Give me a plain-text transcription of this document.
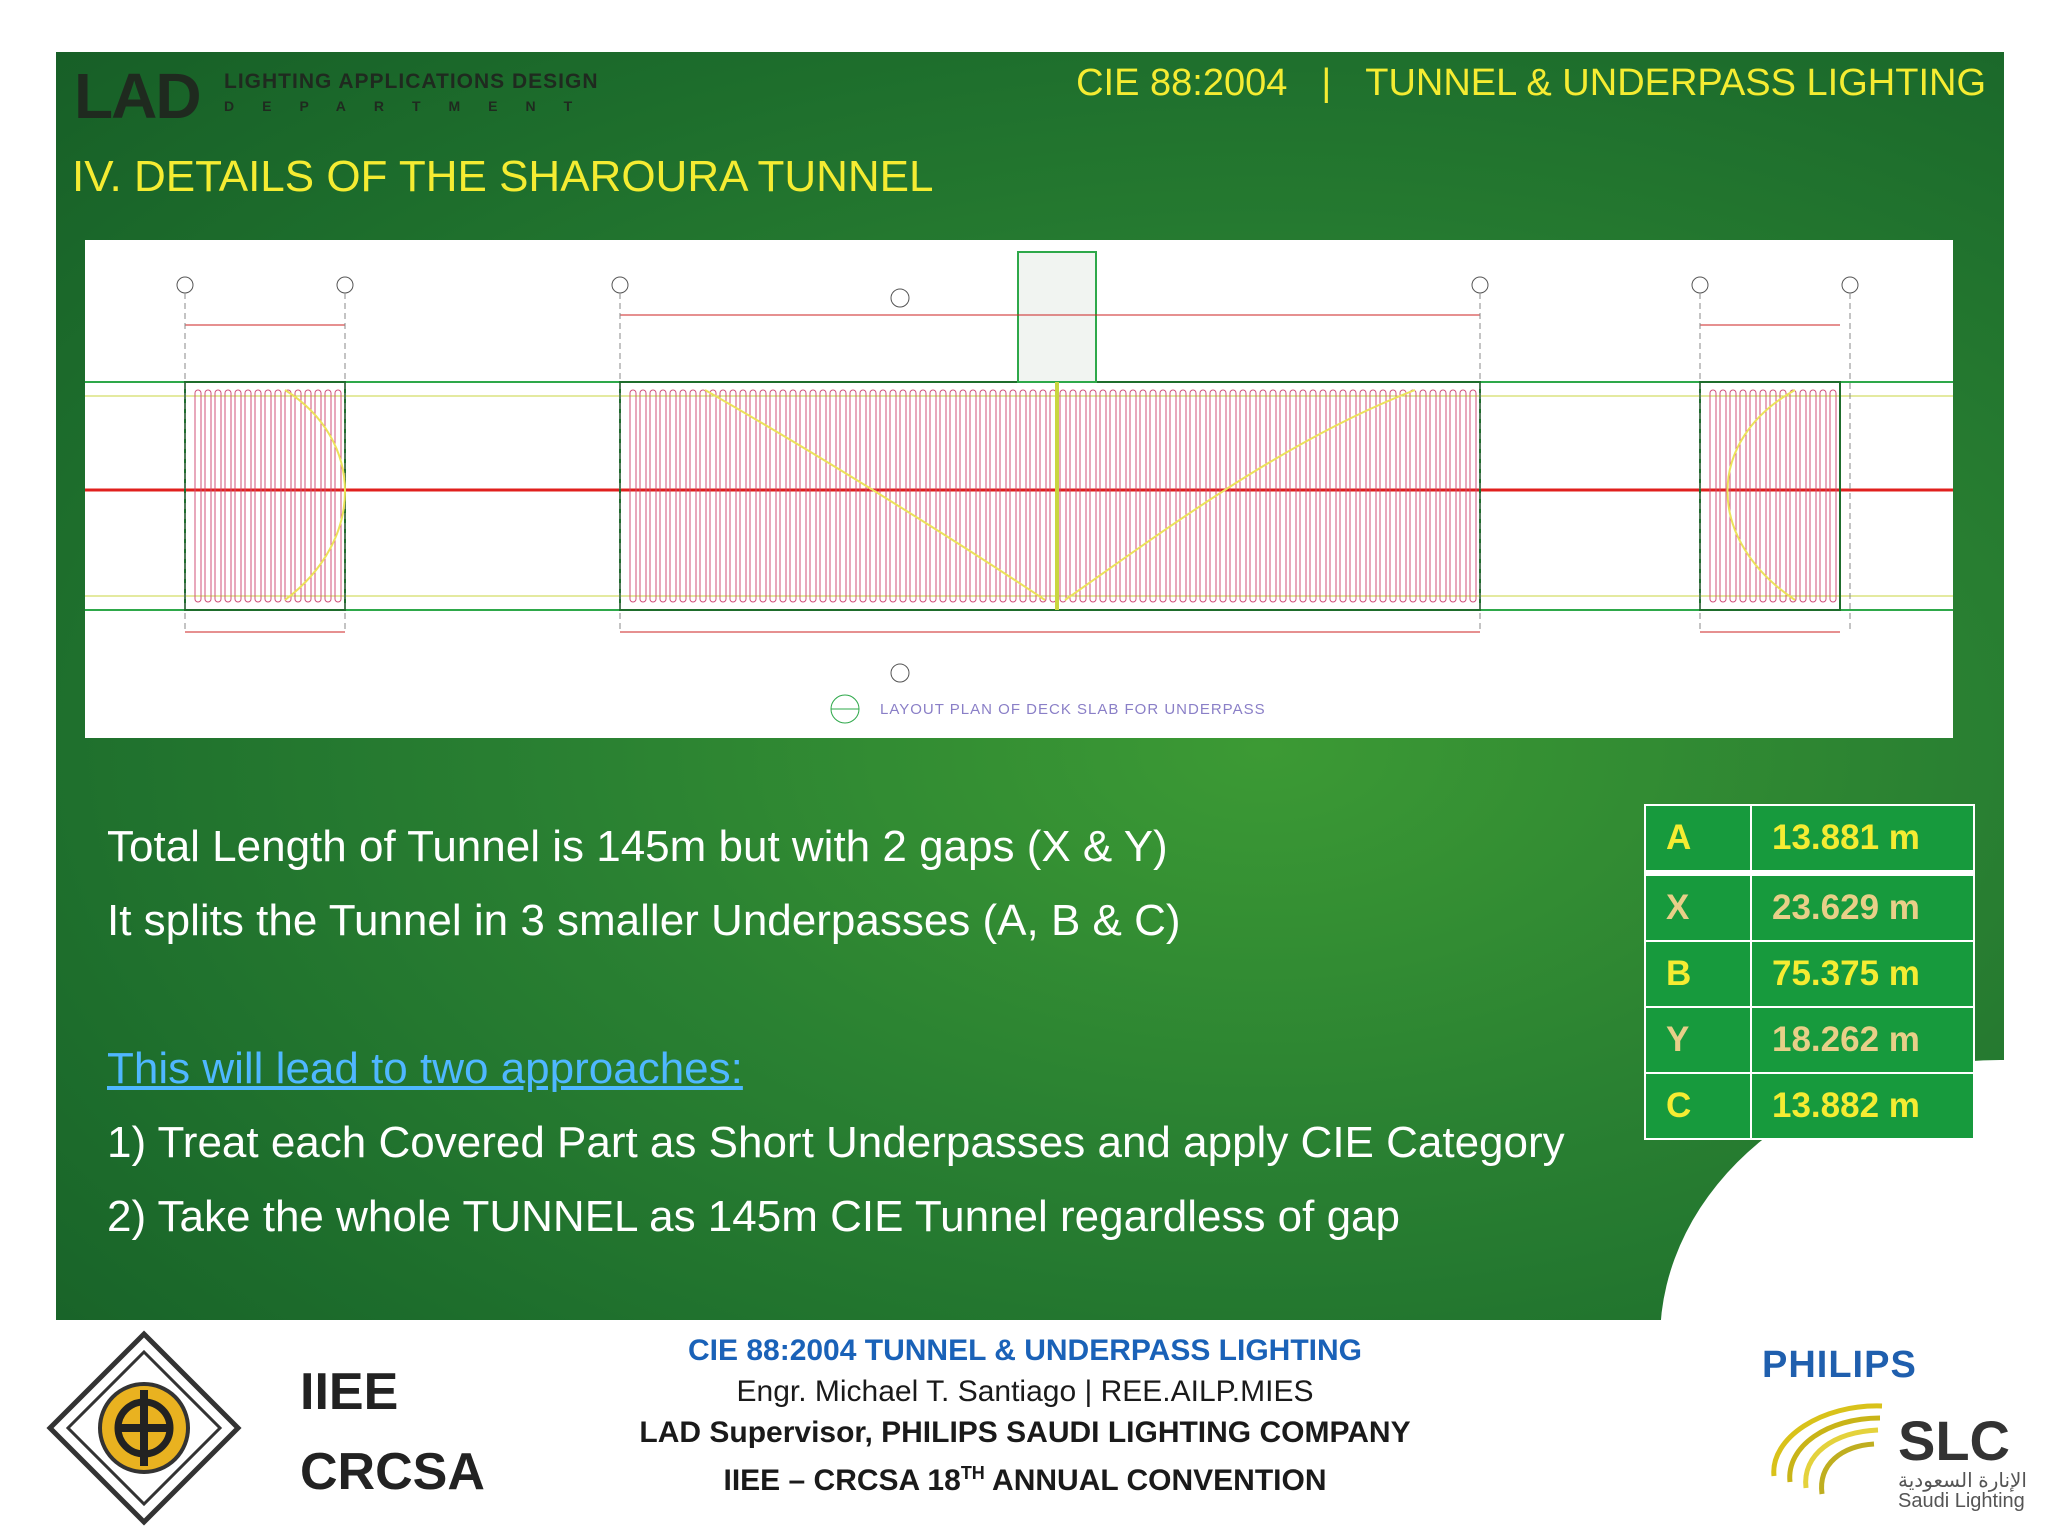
LAD LIGHTING APPLICATIONS DESIGN
DEPARTMENT
CIE 88:2004 | TUNNEL & UNDERPASS LIGHTING
IV. DETAILS OF THE SHAROURA TUNNEL
LAYOUT PLAN OF DECK SLAB FOR UNDERPASS
Total Length of Tunnel is 145m but with 2 gaps (X & Y)
It splits the Tunnel in 3 smaller Underpasses (A, B & C)
This will lead to two approaches:
1) Treat each Covered Part as Short Underpasses and apply CIE Category
2) Take the whole TUNNEL as 145m CIE Tunnel regardless of gap
A	13.881 m
X	23.629 m
B	75.375 m
Y	18.262 m
C	13.882 m
IIEE
CRCSA
CIE 88:2004 TUNNEL & UNDERPASS LIGHTING
Engr. Michael T. Santiago | REE.AILP.MIES
LAD Supervisor, PHILIPS SAUDI LIGHTING COMPANY
IIEE – CRCSA 18TH ANNUAL CONVENTION
PHILIPS
SLC
الإنارة السعودية
Saudi Lighting
